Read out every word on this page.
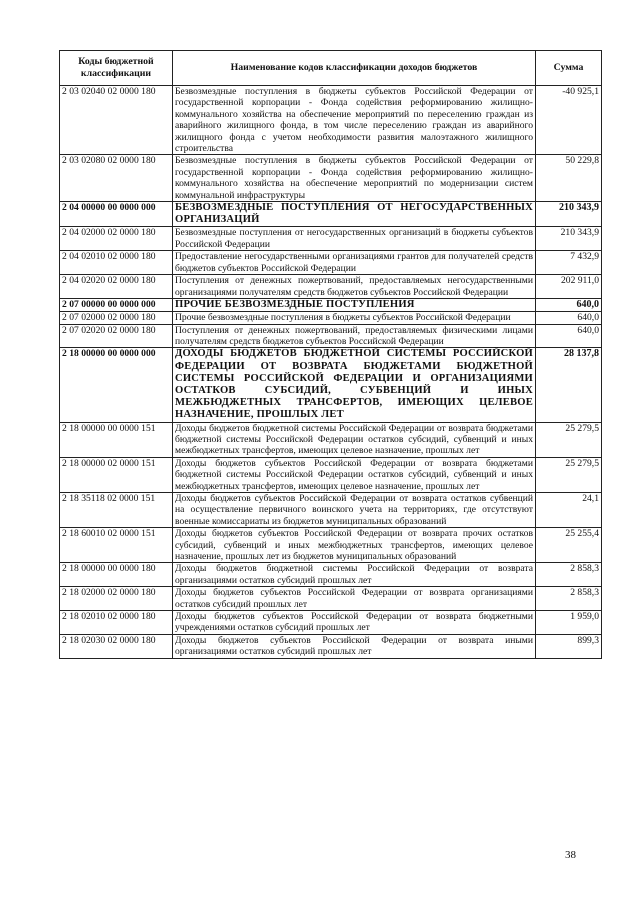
Коды бюджетной классификации	Наименование кодов классификации доходов бюджетов	Сумма
2 03 02040 02 0000 180	Безвозмездные поступления в бюджеты субъектов Российской Федерации от государственной корпорации - Фонда содействия реформированию жилищно-коммунального хозяйства на обеспечение мероприятий по переселению граждан из аварийного жилищного фонда, в том числе переселению граждан из аварийного жилищного фонда с учетом необходимости развития малоэтажного жилищного строительства	-40 925,1
2 03 02080 02 0000 180	Безвозмездные поступления в бюджеты субъектов Российской Федерации от государственной корпорации - Фонда содействия реформированию жилищно-коммунального хозяйства на обеспечение мероприятий по модернизации систем коммунальной инфраструктуры	50 229,8
2 04 00000 00 0000 000	БЕЗВОЗМЕЗДНЫЕ ПОСТУПЛЕНИЯ ОТ НЕГОСУДАРСТВЕННЫХ ОРГАНИЗАЦИЙ	210 343,9
2 04 02000 02 0000 180	Безвозмездные поступления от негосударственных организаций в бюджеты субъектов Российской Федерации	210 343,9
2 04 02010 02 0000 180	Предоставление негосударственными организациями грантов для получателей средств бюджетов субъектов Российской Федерации	7 432,9
2 04 02020 02 0000 180	Поступления от денежных пожертвований, предоставляемых негосударственными организациями получателям средств бюджетов субъектов Российской Федерации	202 911,0
2 07 00000 00 0000 000	ПРОЧИЕ БЕЗВОЗМЕЗДНЫЕ ПОСТУПЛЕНИЯ	640,0
2 07 02000 02 0000 180	Прочие безвозмездные поступления в бюджеты субъектов Российской Федерации	640,0
2 07 02020 02 0000 180	Поступления от денежных пожертвований, предоставляемых физическими лицами получателям средств бюджетов субъектов Российской Федерации	640,0
2 18 00000 00 0000 000	ДОХОДЫ БЮДЖЕТОВ БЮДЖЕТНОЙ СИСТЕМЫ РОССИЙСКОЙ ФЕДЕРАЦИИ ОТ ВОЗВРАТА БЮДЖЕТАМИ БЮДЖЕТНОЙ СИСТЕМЫ РОССИЙСКОЙ ФЕДЕРАЦИИ И ОРГАНИЗАЦИЯМИ ОСТАТКОВ СУБСИДИЙ, СУБВЕНЦИЙ И ИНЫХ МЕЖБЮДЖЕТНЫХ ТРАНСФЕРТОВ, ИМЕЮЩИХ ЦЕЛЕВОЕ НАЗНАЧЕНИЕ, ПРОШЛЫХ ЛЕТ	28 137,8
2 18 00000 00 0000 151	Доходы бюджетов бюджетной системы Российской Федерации от возврата бюджетами бюджетной системы Российской Федерации остатков субсидий, субвенций и иных межбюджетных трансфертов, имеющих целевое назначение, прошлых лет	25 279,5
2 18 00000 02 0000 151	Доходы бюджетов субъектов Российской Федерации от возврата бюджетами бюджетной системы Российской Федерации остатков субсидий, субвенций и иных межбюджетных трансфертов, имеющих целевое назначение, прошлых лет	25 279,5
2 18 35118 02 0000 151	Доходы бюджетов субъектов Российской Федерации от возврата остатков субвенций на осуществление первичного воинского учета на территориях, где отсутствуют военные комиссариаты из бюджетов муниципальных образований	24,1
2 18 60010 02 0000 151	Доходы бюджетов субъектов Российской Федерации от возврата прочих остатков субсидий, субвенций и иных межбюджетных трансфертов, имеющих целевое назначение, прошлых лет из бюджетов муниципальных образований	25 255,4
2 18 00000 00 0000 180	Доходы бюджетов бюджетной системы Российской Федерации от возврата организациями остатков субсидий прошлых лет	2 858,3
2 18 02000 02 0000 180	Доходы бюджетов субъектов Российской Федерации от возврата организациями остатков субсидий прошлых лет	2 858,3
2 18 02010 02 0000 180	Доходы бюджетов субъектов Российской Федерации от возврата бюджетными учреждениями остатков субсидий прошлых лет	1 959,0
2 18 02030 02 0000 180	Доходы бюджетов субъектов Российской Федерации от возврата иными организациями остатков субсидий прошлых лет	899,3
38
